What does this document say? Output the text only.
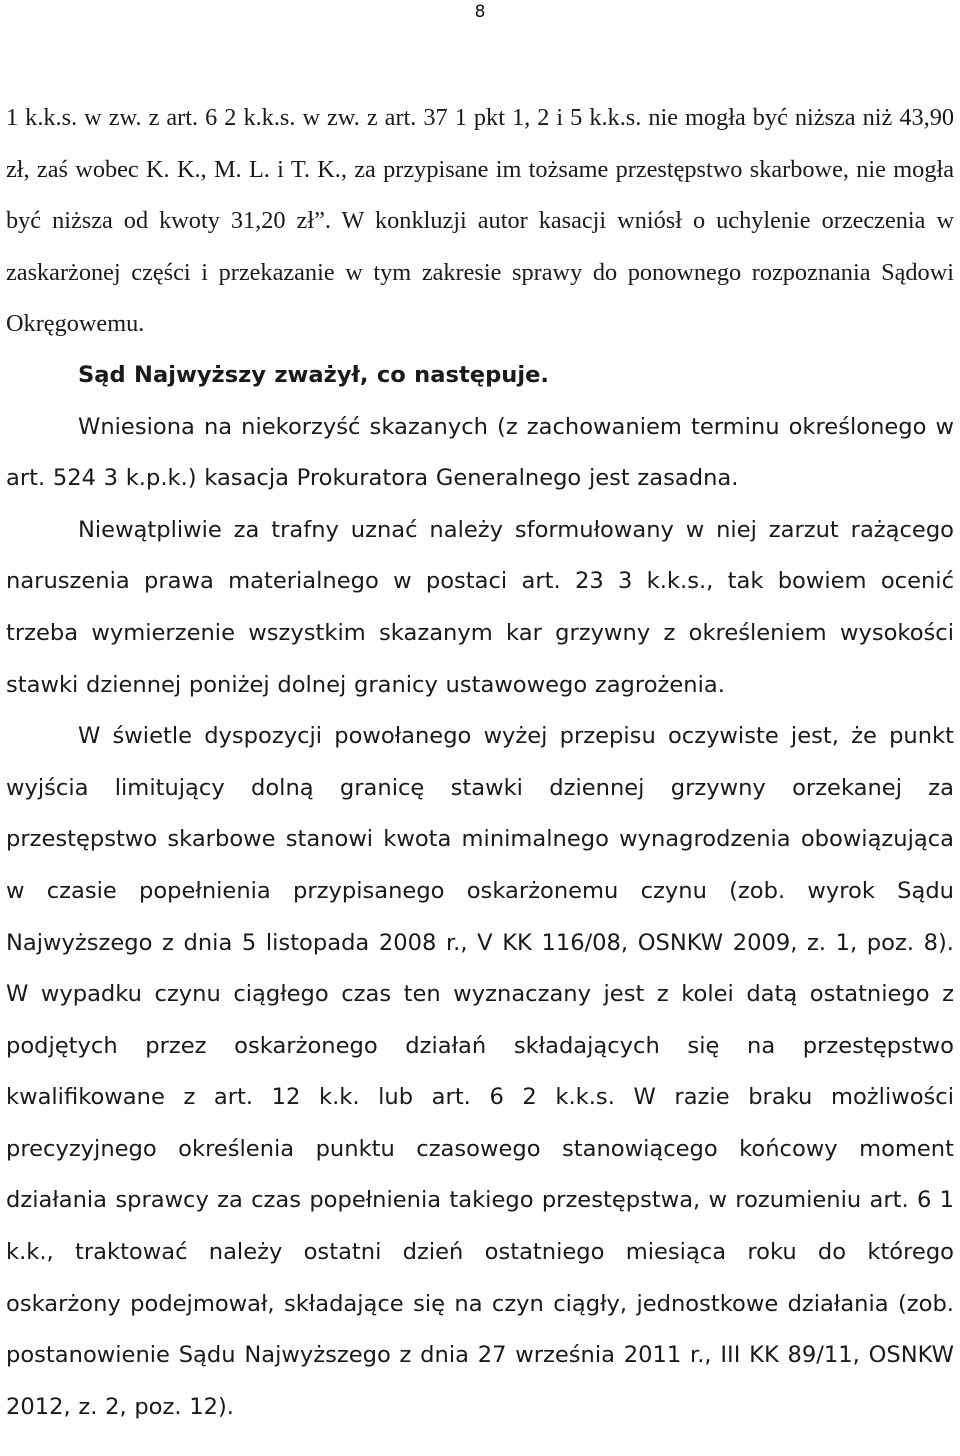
8

1 k.k.s. w zw. z art. 6 2 k.k.s. w zw. z art. 37 1 pkt 1, 2 i 5 k.k.s. nie mogła być niższa niż 43,90 zł, zaś wobec K. K., M. L. i T. K., za przypisane im tożsame przestępstwo skarbowe, nie mogła być niższa od kwoty 31,20 zł”. W konkluzji autor kasacji wniósł o uchylenie orzeczenia w zaskarżonej części i przekazanie w tym zakresie sprawy do ponownego rozpoznania Sądowi Okręgowemu.

Sąd Najwyższy zważył, co następuje.

Wniesiona na niekorzyść skazanych (z zachowaniem terminu określonego w art. 524 3 k.p.k.) kasacja Prokuratora Generalnego jest zasadna.

Niewątpliwie za trafny uznać należy sformułowany w niej zarzut rażącego naruszenia prawa materialnego w postaci art. 23 3 k.k.s., tak bowiem ocenić trzeba wymierzenie wszystkim skazanym kar grzywny z określeniem wysokości stawki dziennej poniżej dolnej granicy ustawowego zagrożenia.

W świetle dyspozycji powołanego wyżej przepisu oczywiste jest, że punkt wyjścia limitujący dolną granicę stawki dziennej grzywny orzekanej za przestępstwo skarbowe stanowi kwota minimalnego wynagrodzenia obowiązująca w czasie popełnienia przypisanego oskarżonemu czynu (zob. wyrok Sądu Najwyższego z dnia 5 listopada 2008 r., V KK 116/08, OSNKW 2009, z. 1, poz. 8). W wypadku czynu ciągłego czas ten wyznaczany jest z kolei datą ostatniego z podjętych przez oskarżonego działań składających się na przestępstwo kwalifikowane z art. 12 k.k. lub art. 6 2 k.k.s. W razie braku możliwości precyzyjnego określenia punktu czasowego stanowiącego końcowy moment działania sprawcy za czas popełnienia takiego przestępstwa, w rozumieniu art. 6 1 k.k., traktować należy ostatni dzień ostatniego miesiąca roku do którego oskarżony podejmował, składające się na czyn ciągły, jednostkowe działania (zob. postanowienie Sądu Najwyższego z dnia 27 września 2011 r., III KK 89/11, OSNKW 2012, z. 2, poz. 12).
